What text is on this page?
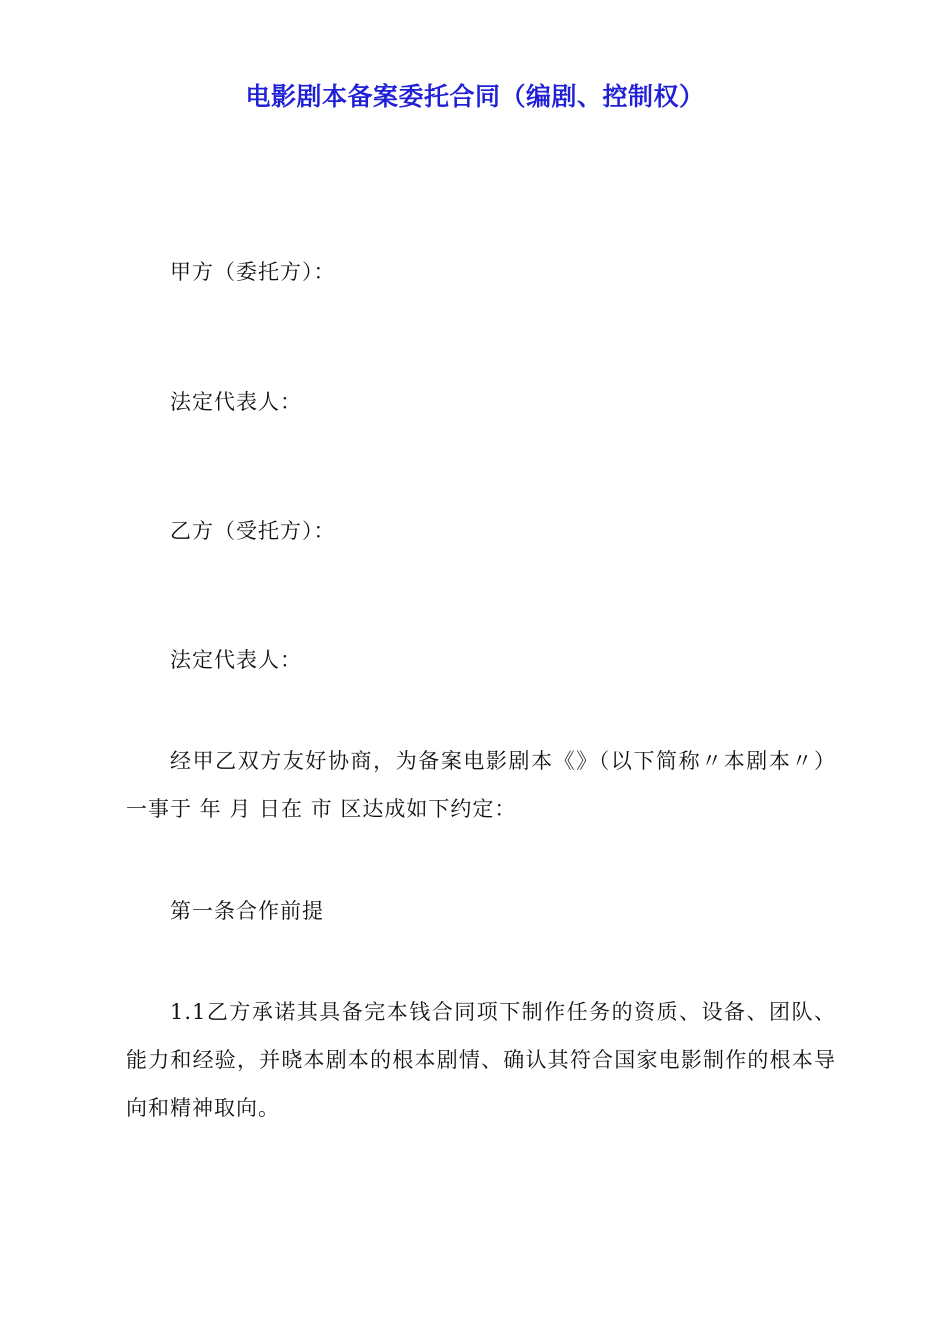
电影剧本备案委托合同（编剧、控制权）

甲方（委托方）：

法定代表人：

乙方（受托方）：

法定代表人：

经甲乙双方友好协商，为备案电影剧本《》（以下简称〃本剧本〃） 一事于 年 月 日在 市 区达成如下约定：

第一条合作前提

1.1乙方承诺其具备完本钱合同项下制作任务的资质、设备、团队、能力和经验，并晓本剧本的根本剧情、确认其符合国家电影制作的根本导向和精神取向。
